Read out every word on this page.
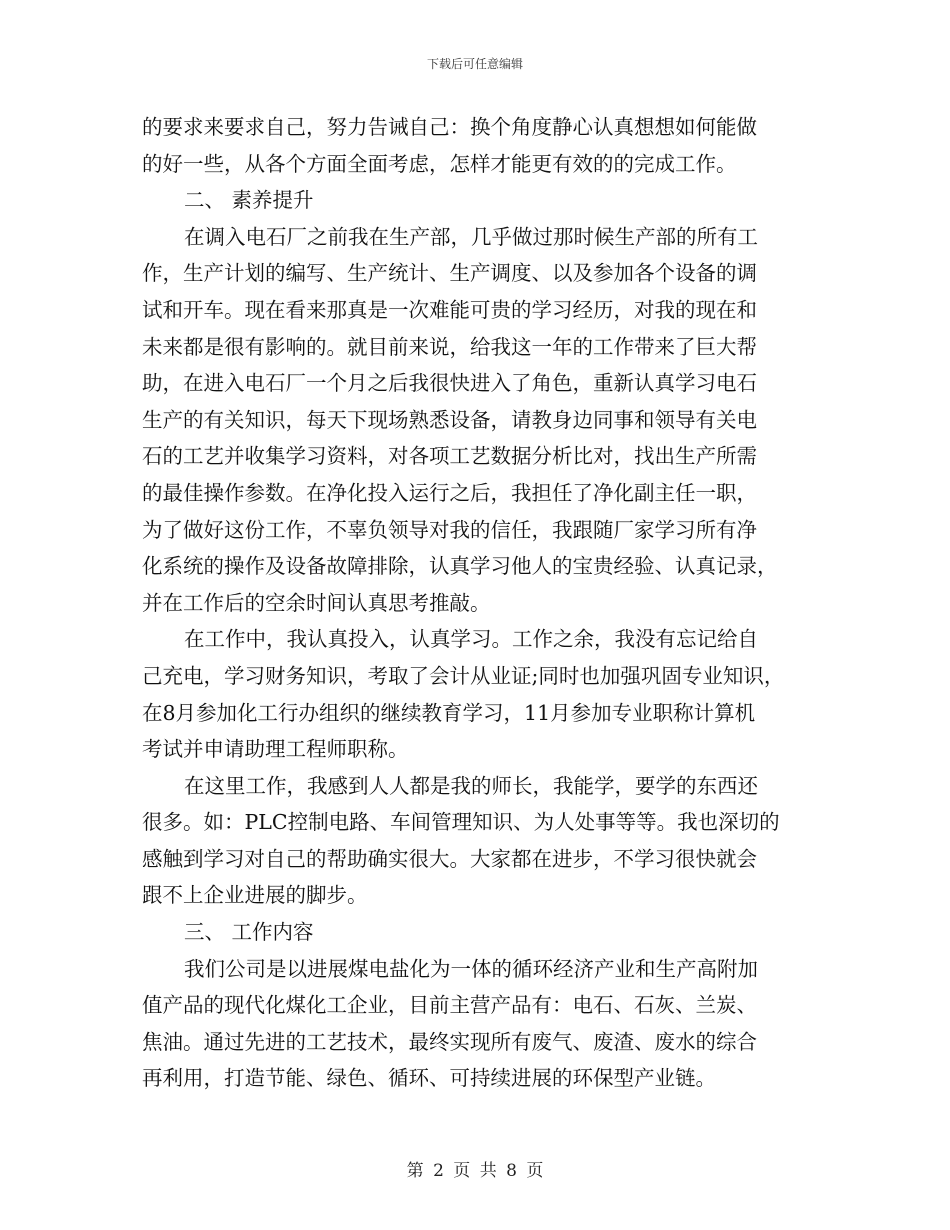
下载后可任意编辑
的要求来要求自己，努力告诫自己：换个角度静心认真想想如何能做
的好一些，从各个方面全面考虑，怎样才能更有效的的完成工作。
二、 素养提升
在调入电石厂之前我在生产部，几乎做过那时候生产部的所有工
作，生产计划的编写、生产统计、生产调度、以及参加各个设备的调
试和开车。现在看来那真是一次难能可贵的学习经历，对我的现在和
未来都是很有影响的。就目前来说，给我这一年的工作带来了巨大帮
助，在进入电石厂一个月之后我很快进入了角色，重新认真学习电石
生产的有关知识，每天下现场熟悉设备，请教身边同事和领导有关电
石的工艺并收集学习资料，对各项工艺数据分析比对，找出生产所需
的最佳操作参数。在净化投入运行之后，我担任了净化副主任一职，
为了做好这份工作，不辜负领导对我的信任，我跟随厂家学习所有净
化系统的操作及设备故障排除，认真学习他人的宝贵经验、认真记录，
并在工作后的空余时间认真思考推敲。
在工作中，我认真投入，认真学习。工作之余，我没有忘记给自
己充电，学习财务知识，考取了会计从业证;同时也加强巩固专业知识，
在8月参加化工行办组织的继续教育学习，11月参加专业职称计算机
考试并申请助理工程师职称。
在这里工作，我感到人人都是我的师长，我能学，要学的东西还
很多。如：PLC控制电路、车间管理知识、为人处事等等。我也深切的
感触到学习对自己的帮助确实很大。大家都在进步，不学习很快就会
跟不上企业进展的脚步。
三、 工作内容
我们公司是以进展煤电盐化为一体的循环经济产业和生产高附加
值产品的现代化煤化工企业，目前主营产品有：电石、石灰、兰炭、
焦油。通过先进的工艺技术，最终实现所有废气、废渣、废水的综合
再利用，打造节能、绿色、循环、可持续进展的环保型产业链。
第 2 页 共 8 页
